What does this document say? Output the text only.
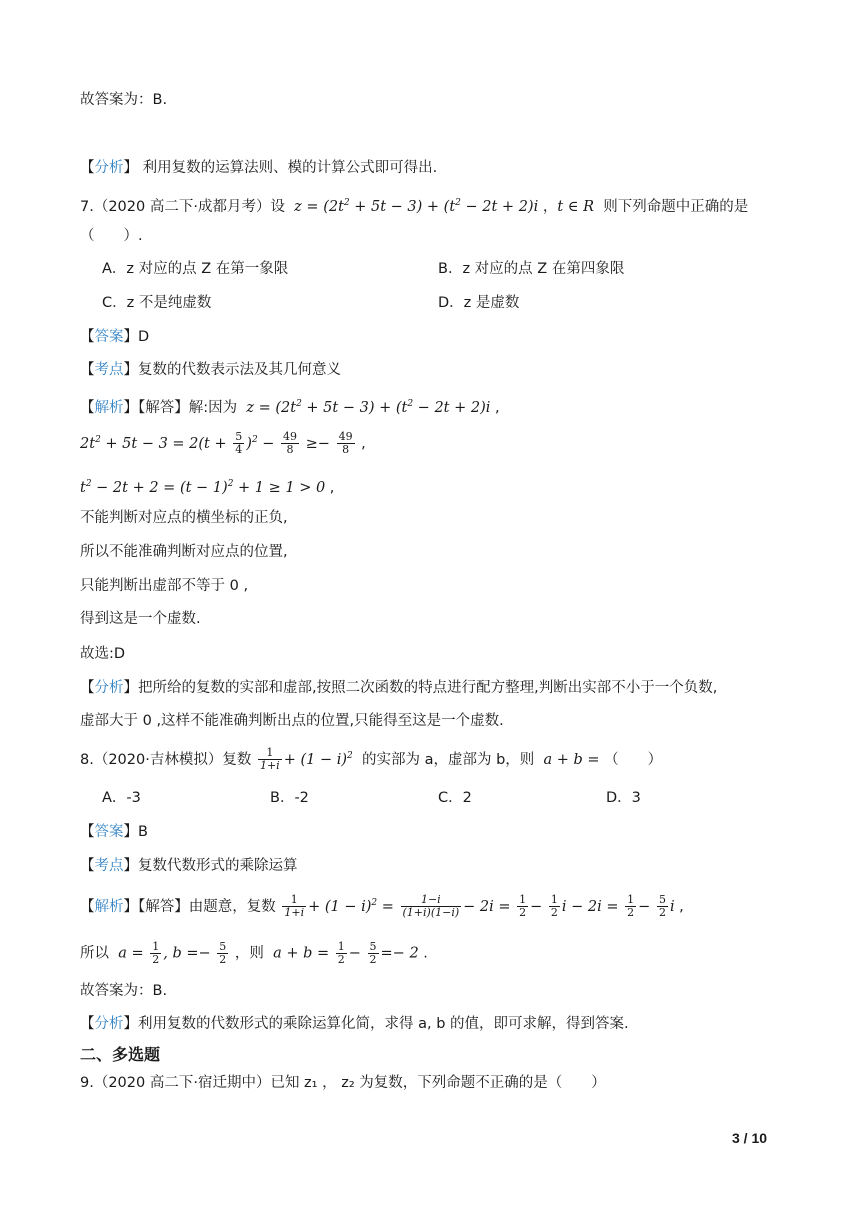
故答案为：B.
【分析】 利用复数的运算法则、模的计算公式即可得出.
7.（2020 高二下·成都月考）设  $z = (2t^2 + 5t - 3) + (t^2 - 2t + 2)i$ ，t ∈ R 则下列命题中正确的是
（　　）.
A．z 对应的点 Z 在第一象限	B．z 对应的点 Z 在第四象限
C．z 不是纯虚数	D．z 是虚数
【答案】D
【考点】复数的代数表示法及其几何意义
【解析】【解答】解:因为  $z = (2t^2 + 5t - 3) + (t^2 - 2t + 2)i$ ,
$2t^2 + 5t - 3 = 2(t + \frac{5}{4} )^2 - \frac{49}{8} \ge- \frac{49}{8}$ ,
$t^2 - 2t + 2 = (t - 1)^2 + 1 \ge 1 > 0$ ,
不能判断对应点的横坐标的正负,
所以不能准确判断对应点的位置,
只能判断出虚部不等于 0 ,
得到这是一个虚数.
故选:D
【分析】把所给的复数的实部和虚部,按照二次函数的特点进行配方整理,判断出实部不小于一个负数,
虚部大于 0 ,这样不能准确判断出点的位置,只能得至这是一个虚数.
8.（2020·吉林模拟）复数 $\frac{1}{1+i} + (1 - i)^2$ 的实部为 a，虚部为 b，则  a + b = （　　）
A．-3	B．-2	C．2	D．3
【答案】B
【考点】复数代数形式的乘除运算
【解析】【解答】由题意，复数 $\frac{1}{1+i} + (1 - i)^2 = \frac{1-i}{(1+i)(1-i)} - 2i = \frac{1}{2} - \frac{1}{2}$ $i - 2i = \frac{1}{2} - \frac{5}{2}$ i ,
所以  $a = \frac{1}{2}$ , $b =- \frac{5}{2}$ ，则  $a + b = \frac{1}{2} - \frac{5}{2} =- 2$ .
故答案为：B.
【分析】利用复数的代数形式的乘除运算化简，求得 a, b 的值，即可求解，得到答案.
二、多选题
9.（2020 高二下·宿迁期中）已知 z₁ ， z₂ 为复数，下列命题不正确的是（　　）
3 / 10
